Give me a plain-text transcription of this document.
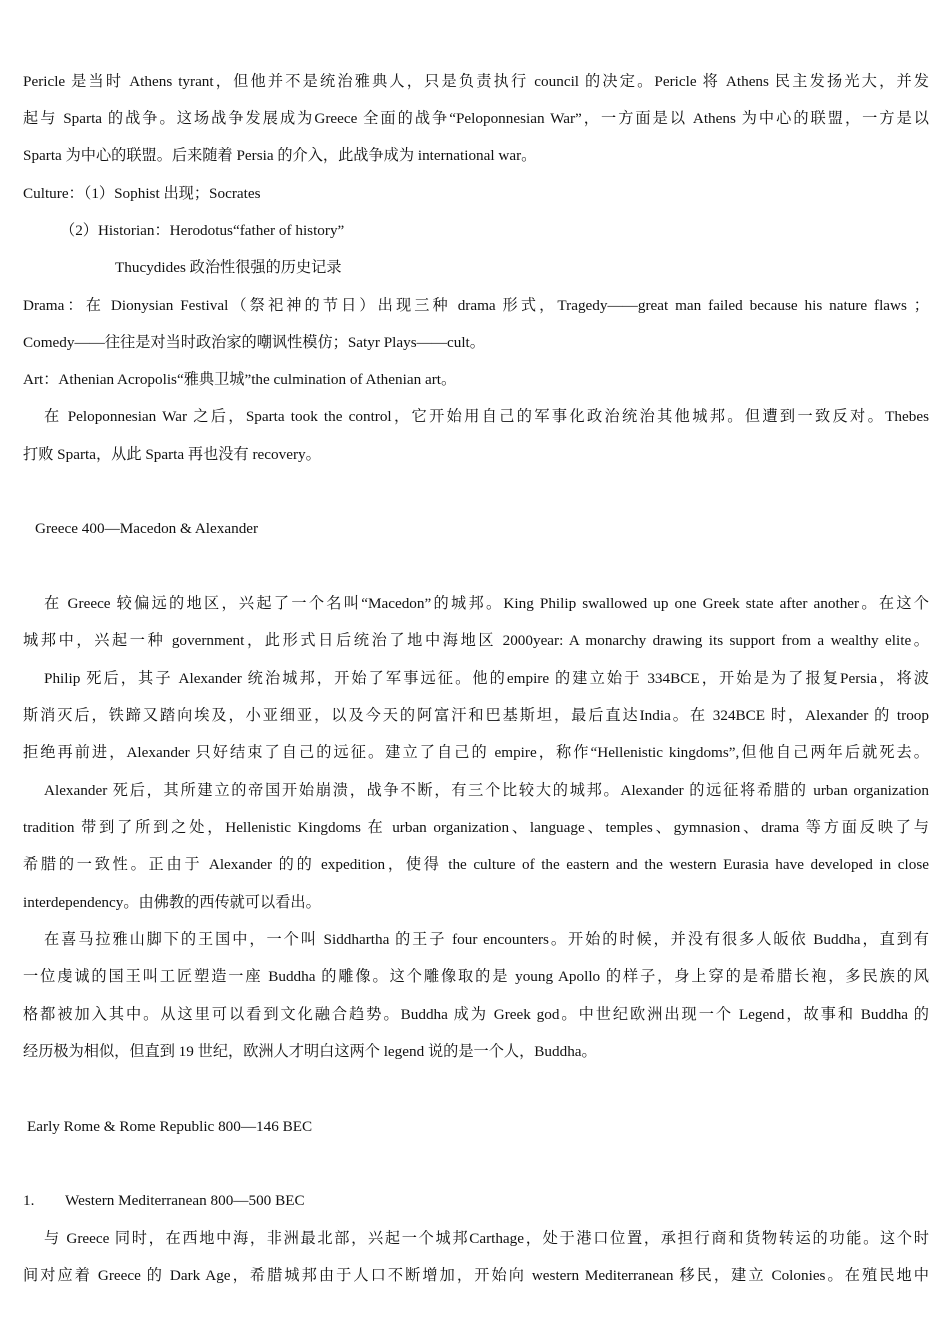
Pericle 是当时 Athens tyrant，但他并不是统治雅典人，只是负责执行 council 的决定。Pericle 将 Athens 民主发扬光大，并发
起与 Sparta 的战争。这场战争发展成为Greece 全面的战争“Peloponnesian War”，一方面是以 Athens 为中心的联盟，一方是以
Sparta 为中心的联盟。后来随着 Persia 的介入，此战争成为 international war。
Culture：（1）Sophist 出现；Socrates
（2）Historian：Herodotus“father of history”
Thucydides 政治性很强的历史记录
Drama：在 Dionysian Festival（祭祀神的节日）出现三种 drama 形式，Tragedy——great man failed because his nature flaws ；
Comedy——往往是对当时政治家的嘲讽性模仿；Satyr Plays——cult。
Art：Athenian Acropolis“雅典卫城”the culmination of Athenian art。
在 Peloponnesian War 之后，Sparta took the control，它开始用自己的军事化政治统治其他城邦。但遭到一致反对。Thebes
打败 Sparta，从此 Sparta 再也没有 recovery。
Greece 400—Macedon & Alexander
在 Greece 较偏远的地区，兴起了一个名叫“Macedon”的城邦。King Philip swallowed up one Greek state after another。在这个
城邦中，兴起一种 government，此形式日后统治了地中海地区 2000year: A monarchy drawing its support from a wealthy elite。
Philip 死后，其子 Alexander 统治城邦，开始了军事远征。他的empire 的建立始于 334BCE，开始是为了报复Persia，将波
斯消灭后，铁蹄又踏向埃及，小亚细亚，以及今天的阿富汗和巴基斯坦，最后直达India。在 324BCE 时，Alexander 的 troop
拒绝再前进，Alexander 只好结束了自己的远征。建立了自己的 empire，称作“Hellenistic kingdoms”,但他自己两年后就死去。
Alexander 死后，其所建立的帝国开始崩溃，战争不断，有三个比较大的城邦。Alexander 的远征将希腊的 urban organization
tradition 带到了所到之处，Hellenistic Kingdoms 在 urban organization、language、temples、gymnasion、drama 等方面反映了与
希腊的一致性。正由于 Alexander 的的 expedition，使得 the culture of the eastern and the western Eurasia have developed in close
interdependency。由佛教的西传就可以看出。
在喜马拉雅山脚下的王国中，一个叫 Siddhartha 的王子 four encounters。开始的时候，并没有很多人皈依 Buddha，直到有
一位虔诚的国王叫工匠塑造一座 Buddha 的雕像。这个雕像取的是 young Apollo 的样子，身上穿的是希腊长袍，多民族的风
格都被加入其中。从这里可以看到文化融合趋势。Buddha 成为 Greek god。中世纪欧洲出现一个 Legend，故事和 Buddha 的
经历极为相似，但直到 19 世纪，欧洲人才明白这两个 legend 说的是一个人，Buddha。
Early Rome & Rome Republic 800—146 BEC
1.	Western Mediterranean 800—500 BEC
与 Greece 同时，在西地中海，非洲最北部，兴起一个城邦Carthage，处于港口位置，承担行商和货物转运的功能。这个时
间对应着 Greece 的 Dark Age，希腊城邦由于人口不断增加，开始向 western Mediterranean 移民，建立 Colonies。在殖民地中
